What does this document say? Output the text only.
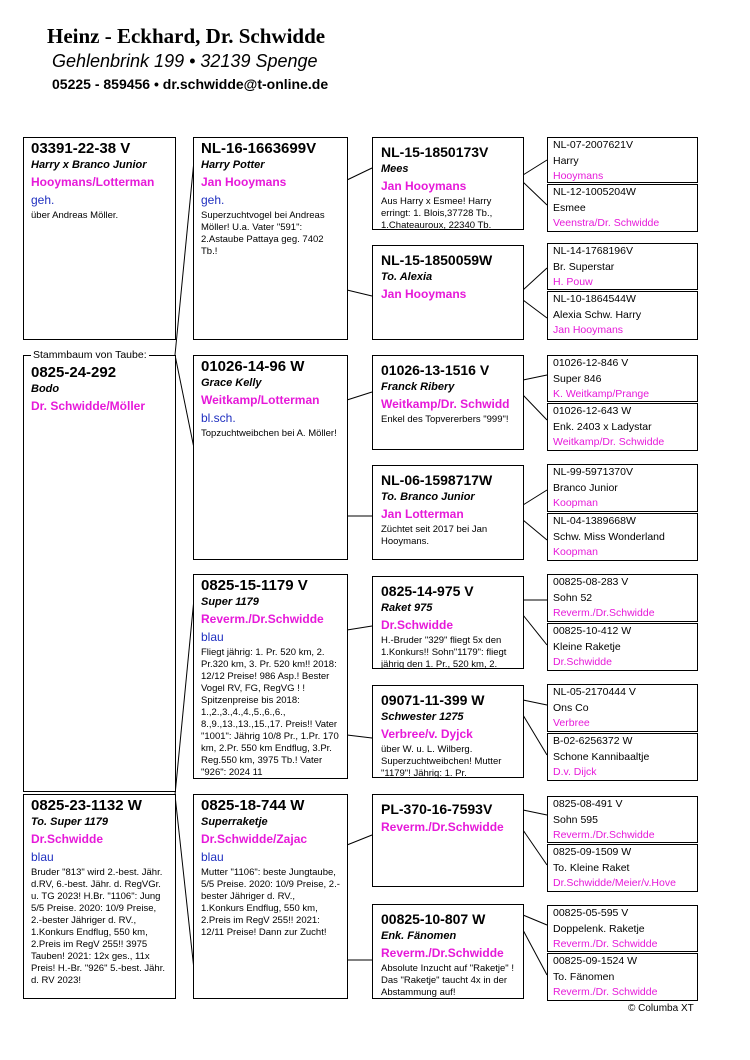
Heinz - Eckhard, Dr. Schwidde
Gehlenbrink 199 • 32139 Spenge
05225 - 859456 • dr.schwidde@t-online.de
03391-22-38 V
Harry x Branco Junior
Hooymans/Lotterman
geh.
über Andreas Möller.
0825-24-292
Bodo
Dr. Schwidde/Möller
Stammbaum von Taube:
0825-23-1132 W
To. Super 1179
Dr.Schwidde
blau
Bruder "813" wird 2.-best. Jähr. d.RV, 6.-best. Jähr. d. RegVGr. u. TG 2023! H.Br. "1106": Jung 5/5 Preise. 2020: 10/9 Preise, 2.-bester Jähriger d. RV., 1.Konkurs Endflug, 550 km, 2.Preis im RegV 255!! 3975 Tauben! 2021: 12x ges., 11x Preis! H.-Br. "926" 5.-best. Jähr. d. RV 2023!
NL-16-1663699V
Harry Potter
Jan Hooymans
geh.
Superzuchtvogel bei Andreas Möller! U.a. Vater "591": 2.Astaube Pattaya geg. 7402 Tb.!
01026-14-96 W
Grace Kelly
Weitkamp/Lotterman
bl.sch.
Topzuchtweibchen bei A. Möller!
0825-15-1179 V
Super 1179
Reverm./Dr.Schwidde
blau
Fliegt jährig: 1. Pr. 520 km, 2. Pr.320 km, 3. Pr. 520 km!! 2018: 12/12 Preise! 986 Asp.! Bester Vogel RV, FG, RegVG ! ! Spitzenpreise bis 2018: 1.,2.,3.,4.,4.,5.,6.,6., 8.,9.,13.,13.,15.,17. Preis!! Vater "1001": Jährig 10/8 Pr., 1.Pr. 170 km, 2.Pr. 550 km Endflug, 3.Pr. Reg.550 km, 3975 Tb.! Vater "926": 2024 11
0825-18-744 W
Superraketje
Dr.Schwidde/Zajac
blau
Mutter "1106": beste Jungtaube, 5/5 Preise. 2020: 10/9 Preise, 2.-bester Jähriger d. RV., 1.Konkurs Endflug, 550 km, 2.Preis im RegV 255!! 2021: 12/11 Preise! Dann zur Zucht!
NL-15-1850173V
Mees
Jan Hooymans
Aus Harry x Esmee! Harry erringt: 1. Blois,37728 Tb., 1.Chateauroux, 22340 Tb.
NL-15-1850059W
To. Alexia
Jan Hooymans
01026-13-1516 V
Franck Ribery
Weitkamp/Dr. Schwidd
Enkel des Topvererbers "999"!
NL-06-1598717W
To. Branco Junior
Jan Lotterman
Züchtet seit 2017 bei Jan Hooymans.
0825-14-975 V
Raket 975
Dr.Schwidde
H.-Bruder "329" fliegt 5x den 1.Konkurs!! Sohn"1179": fliegt jährig den 1. Pr., 520 km, 2.
09071-11-399 W
Schwester 1275
Verbree/v. Dyjck
über W. u. L. Wilberg. Superzuchtweibchen! Mutter "1179"! Jährig: 1. Pr.
PL-370-16-7593V
Reverm./Dr.Schwidde
00825-10-807 W
Enk. Fänomen
Reverm./Dr.Schwidde
Absolute Inzucht auf "Raketje" ! Das "Raketje" taucht 4x in der Abstammung auf!
NL-07-2007621V
Harry
Hooymans
NL-12-1005204W
Esmee
Veenstra/Dr. Schwidde
NL-14-1768196V
Br. Superstar
H. Pouw
NL-10-1864544W
Alexia Schw. Harry
Jan Hooymans
01026-12-846 V
Super 846
K. Weitkamp/Prange
01026-12-643 W
Enk. 2403 x Ladystar
Weitkamp/Dr. Schwidde
NL-99-5971370V
Branco Junior
Koopman
NL-04-1389668W
Schw. Miss Wonderland
Koopman
00825-08-283 V
Sohn 52
Reverm./Dr.Schwidde
00825-10-412 W
Kleine Raketje
Dr.Schwidde
NL-05-2170444 V
Ons Co
Verbree
B-02-6256372 W
Schone Kannibaaltje
D.v. Dijck
0825-08-491 V
Sohn 595
Reverm./Dr.Schwidde
0825-09-1509 W
To. Kleine Raket
Dr.Schwidde/Meier/v.Hove
00825-05-595 V
Doppelenk. Raketje
Reverm./Dr. Schwidde
00825-09-1524 W
To. Fänomen
Reverm./Dr. Schwidde
© Columba XT
